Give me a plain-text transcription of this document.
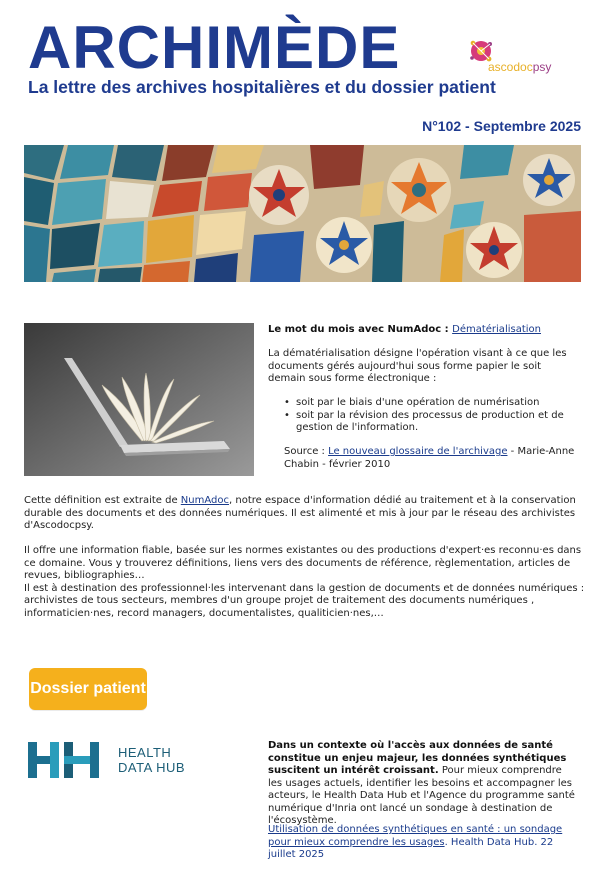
ARCHIMÈDE
La lettre des archives hospitalières et du dossier patient
ascodocpsy
N°102 - Septembre 2025
Le mot du mois avec NumAdoc : Dématérialisation
La dématérialisation désigne l'opération visant à ce que les documents gérés aujourd'hui sous forme papier le soit demain sous forme électronique :
• soit par le biais d'une opération de numérisation
• soit par la révision des processus de production et de gestion de l'information.
Source : Le nouveau glossaire de l'archivage - Marie-Anne Chabin - février 2010
Cette définition est extraite de NumAdoc, notre espace d'information dédié au traitement et à la conservation durable des documents et des données numériques. Il est alimenté et mis à jour par le réseau des archivistes d'Ascodocpsy.
Il offre une information fiable, basée sur les normes existantes ou des productions d'expert·es reconnu·es dans ce domaine. Vous y trouverez définitions, liens vers des documents de référence, règlementation, articles de revues, bibliographies…
Il est à destination des professionnel·les intervenant dans la gestion de documents et de données numériques : archivistes de tous secteurs, membres d'un groupe projet de traitement des documents numériques , informaticien·nes, record managers, documentalistes, qualiticien·nes,…
Dossier patient
HEALTH
DATA HUB
Dans un contexte où l'accès aux données de santé constitue un enjeu majeur, les données synthétiques suscitent un intérêt croissant. Pour mieux comprendre les usages actuels, identifier les besoins et accompagner les acteurs, le Health Data Hub et l'Agence du programme santé numérique d'Inria ont lancé un sondage à destination de l'écosystème.
Utilisation de données synthétiques en santé : un sondage pour mieux comprendre les usages. Health Data Hub. 22 juillet 2025
